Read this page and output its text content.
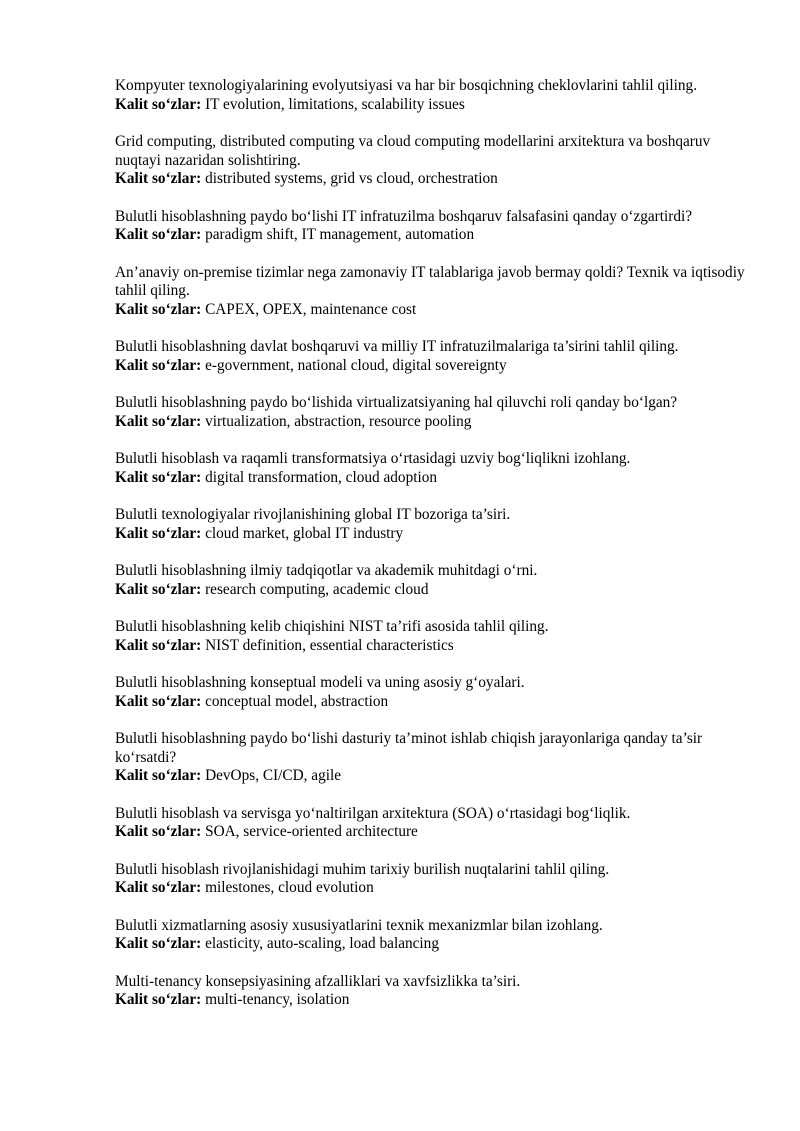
Kompyuter texnologiyalarining evolyutsiyasi va har bir bosqichning cheklovlarini tahlil qiling.

Kalit so‘zlar: IT evolution, limitations, scalability issues

Grid computing, distributed computing va cloud computing modellarini arxitektura va boshqaruv nuqtayi nazaridan solishtiring.

Kalit so‘zlar: distributed systems, grid vs cloud, orchestration

Bulutli hisoblashning paydo bo‘lishi IT infratuzilma boshqaruv falsafasini qanday o‘zgartirdi?

Kalit so‘zlar: paradigm shift, IT management, automation

An’anaviy on-premise tizimlar nega zamonaviy IT talablariga javob bermay qoldi? Texnik va iqtisodiy tahlil qiling.

Kalit so‘zlar: CAPEX, OPEX, maintenance cost

Bulutli hisoblashning davlat boshqaruvi va milliy IT infratuzilmalariga ta’sirini tahlil qiling.

Kalit so‘zlar: e-government, national cloud, digital sovereignty

Bulutli hisoblashning paydo bo‘lishida virtualizatsiyaning hal qiluvchi roli qanday bo‘lgan?

Kalit so‘zlar: virtualization, abstraction, resource pooling

Bulutli hisoblash va raqamli transformatsiya o‘rtasidagi uzviy bog‘liqlikni izohlang.

Kalit so‘zlar: digital transformation, cloud adoption

Bulutli texnologiyalar rivojlanishining global IT bozoriga ta’siri.

Kalit so‘zlar: cloud market, global IT industry

Bulutli hisoblashning ilmiy tadqiqotlar va akademik muhitdagi o‘rni.

Kalit so‘zlar: research computing, academic cloud

Bulutli hisoblashning kelib chiqishini NIST ta’rifi asosida tahlil qiling.

Kalit so‘zlar: NIST definition, essential characteristics

Bulutli hisoblashning konseptual modeli va uning asosiy g‘oyalari.

Kalit so‘zlar: conceptual model, abstraction

Bulutli hisoblashning paydo bo‘lishi dasturiy ta’minot ishlab chiqish jarayonlariga qanday ta’sir ko‘rsatdi?

Kalit so‘zlar: DevOps, CI/CD, agile

Bulutli hisoblash va servisga yo‘naltirilgan arxitektura (SOA) o‘rtasidagi bog‘liqlik.

Kalit so‘zlar: SOA, service-oriented architecture

Bulutli hisoblash rivojlanishidagi muhim tarixiy burilish nuqtalarini tahlil qiling.

Kalit so‘zlar: milestones, cloud evolution

Bulutli xizmatlarning asosiy xususiyatlarini texnik mexanizmlar bilan izohlang.

Kalit so‘zlar: elasticity, auto-scaling, load balancing

Multi-tenancy konsepsiyasining afzalliklari va xavfsizlikka ta’siri.

Kalit so‘zlar: multi-tenancy, isolation
